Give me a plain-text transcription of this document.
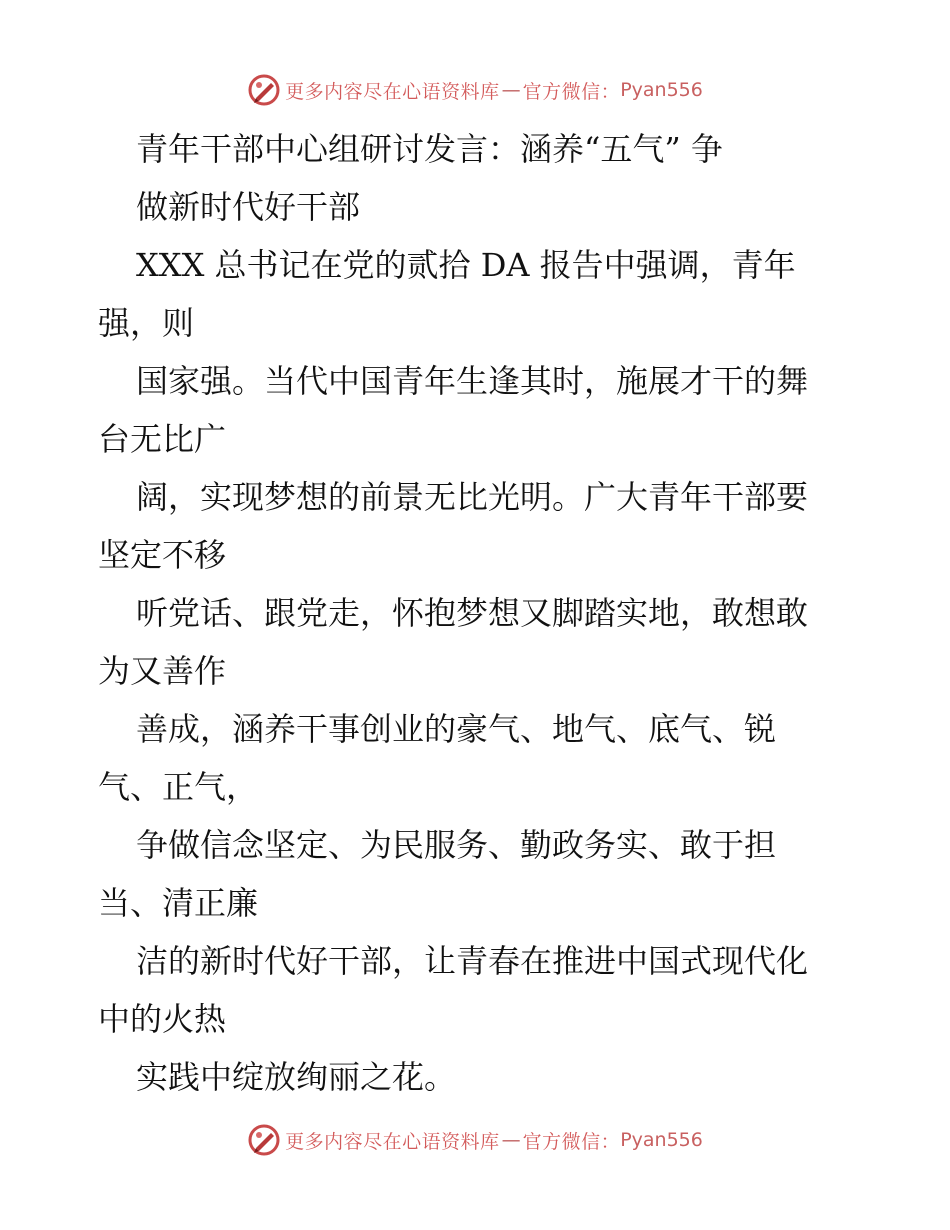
更多内容尽在心语资料库 — 官方微信： Pyan556
青年干部中心组研讨发言：涵养“五气” 争
做新时代好干部
XXX 总书记在党的贰拾 DA 报告中强调，青年
强，则
国家强。当代中国青年生逢其时，施展才干的舞
台无比广
阔，实现梦想的前景无比光明。广大青年干部要
坚定不移
听党话、跟党走，怀抱梦想又脚踏实地，敢想敢
为又善作
善成，涵养干事创业的豪气、地气、底气、锐
气、正气，
争做信念坚定、为民服务、勤政务实、敢于担
当、清正廉
洁的新时代好干部，让青春在推进中国式现代化
中的火热
实践中绽放绚丽之花。
更多内容尽在心语资料库 — 官方微信： Pyan556
